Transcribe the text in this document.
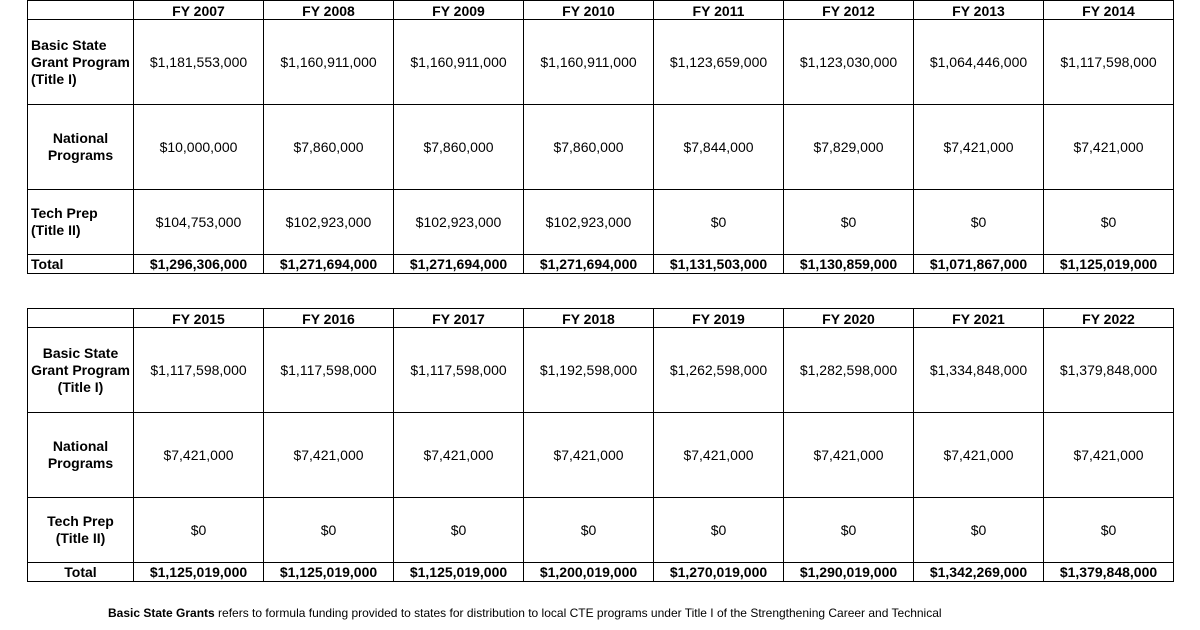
	FY 2007	FY 2008	FY 2009	FY 2010	FY 2011	FY 2012	FY 2013	FY 2014
Basic State Grant Program (Title I)	$1,181,553,000	$1,160,911,000	$1,160,911,000	$1,160,911,000	$1,123,659,000	$1,123,030,000	$1,064,446,000	$1,117,598,000
National Programs	$10,000,000	$7,860,000	$7,860,000	$7,860,000	$7,844,000	$7,829,000	$7,421,000	$7,421,000
Tech Prep (Title II)	$104,753,000	$102,923,000	$102,923,000	$102,923,000	$0	$0	$0	$0
Total	$1,296,306,000	$1,271,694,000	$1,271,694,000	$1,271,694,000	$1,131,503,000	$1,130,859,000	$1,071,867,000	$1,125,019,000
	FY 2015	FY 2016	FY 2017	FY 2018	FY 2019	FY 2020	FY 2021	FY 2022
Basic State Grant Program (Title I)	$1,117,598,000	$1,117,598,000	$1,117,598,000	$1,192,598,000	$1,262,598,000	$1,282,598,000	$1,334,848,000	$1,379,848,000
National Programs	$7,421,000	$7,421,000	$7,421,000	$7,421,000	$7,421,000	$7,421,000	$7,421,000	$7,421,000
Tech Prep (Title II)	$0	$0	$0	$0	$0	$0	$0	$0
Total	$1,125,019,000	$1,125,019,000	$1,125,019,000	$1,200,019,000	$1,270,019,000	$1,290,019,000	$1,342,269,000	$1,379,848,000
Basic State Grants refers to formula funding provided to states for distribution to local CTE programs under Title I of the Strengthening Career and Technical
